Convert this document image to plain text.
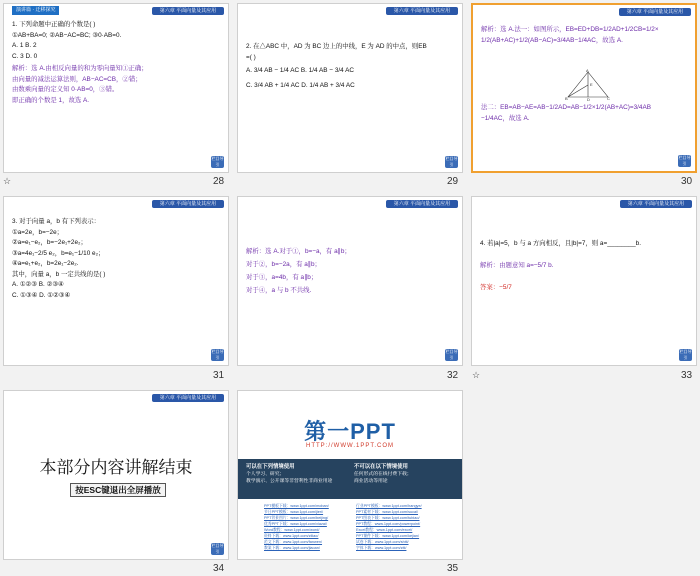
演讲篇 · 迁移探究	第六章 平面向量及其应用
1. 下列命题中正确的个数是( )
①AB+BA=0; ②AB−AC=BC; ③0·AB=0.
A. 1 B. 2
C. 3 D. 0
解析：选 A.由相反向量的和为零向量知①正确；
由向量的减法运算法则，AB−AC=CB，②错；
由数乘向量的定义知 0·AB=0，③错。
即正确的个数是 1，故选 A.
栏目导引
28
☆
第六章 平面向量及其应用
2. 在△ABC 中，AD 为 BC 边上的中线，E 为 AD 的中点，则EB
=( )
A. 3/4 AB − 1/4 AC B. 1/4 AB − 3/4 AC
C. 3/4 AB + 1/4 AC D. 1/4 AB + 3/4 AC
栏目导引
29
第六章 平面向量及其应用
解析：选 A.法一：如图所示，EB=ED+DB=1/2AD+1/2CB=1/2×
1/2(AB+AC)+1/2(AB−AC)=3/4AB−1/4AC，故选 A.
A
B	C
D
E
法二：EB=AB−AE=AB−1/2AD=AB−1/2×1/2(AB+AC)=3/4AB
−1/4AC，故选 A.
栏目导引
30
第六章 平面向量及其应用
3. 对于向量 a，b 有下列表示：
①a=2e，b=−2e；
②a=e₁−e₂，b=−2e₁+2e₂；
③a=4e₁−2/5 e₂，b=e₁−1/10 e₂；
④a=e₁+e₂，b=2e₁−2e₂.
其中，向量 a，b 一定共线的是( )
A. ①②③ B. ②③④
C. ①③④ D. ①②③④
栏目导引
31
第六章 平面向量及其应用
解析：选 A.对于①，b=−a，有 a∥b；
对于②，b=−2a，有 a∥b；
对于③，a=4b，有 a∥b；
对于④，a 与 b 不共线.
栏目导引
32
第六章 平面向量及其应用
4. 若|a|=5，b 与 a 方向相反，且|b|=7，则 a=________b.
解析：由题意知 a=−5/7 b.
答案：−5/7
栏目导引
33
☆
第六章 平面向量及其应用
本部分内容讲解结束
按ESC键退出全屏播放
栏目导引
34
第一PPT
HTTP://WWW.1PPT.COM
可以在下列情境使用
个人学习、研究；
教学演示、公开课等非营利性非商业用途
不可以在以下情境使用
任何形式的在线付费下载；
商业活动等用途
PPT模板下载：www.1ppt.com/moban/
节日PPT模板：www.1ppt.com/jieri/
PPT背景图片：www.1ppt.com/beijing/
优秀PPT下载：www.1ppt.com/xiazai/
Word教程：www.1ppt.com/word/
资料下载：www.1ppt.com/ziliao/
范文下载：www.1ppt.com/fanwen/
教案下载：www.1ppt.com/jiaoan/
行业PPT模板：www.1ppt.com/hangye/
PPT素材下载：www.1ppt.com/sucai/
PPT图表下载：www.1ppt.com/tubiao/
PPT教程：www.1ppt.com/powerpoint/
Excel教程：www.1ppt.com/excel/
PPT课件下载：www.1ppt.com/kejian/
试卷下载：www.1ppt.com/shiti/
字体下载：www.1ppt.com/ziti/
35
